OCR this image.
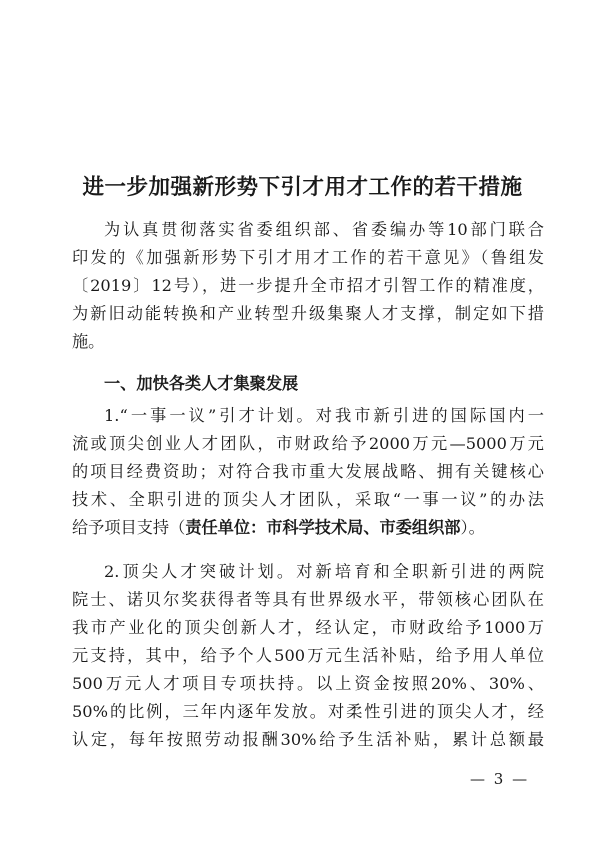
进一步加强新形势下引才用才工作的若干措施
为认真贯彻落实省委组织部、省委编办等10部门联合
印发的《加强新形势下引才用才工作的若干意见》（鲁组发
〔2019〕12号），进一步提升全市招才引智工作的精准度，
为新旧动能转换和产业转型升级集聚人才支撑，制定如下措
施。
一、加快各类人才集聚发展
1.“一事一议”引才计划。对我市新引进的国际国内一
流或顶尖创业人才团队，市财政给予2000万元—5000万元
的项目经费资助；对符合我市重大发展战略、拥有关键核心
技术、全职引进的顶尖人才团队，采取“一事一议”的办法
给予项目支持（责任单位：市科学技术局、市委组织部）。
2.顶尖人才突破计划。对新培育和全职新引进的两院
院士、诺贝尔奖获得者等具有世界级水平，带领核心团队在
我市产业化的顶尖创新人才，经认定，市财政给予1000万
元支持，其中，给予个人500万元生活补贴，给予用人单位
500万元人才项目专项扶持。以上资金按照20%、30%、
50%的比例，三年内逐年发放。对柔性引进的顶尖人才，经
认定，每年按照劳动报酬30%给予生活补贴，累计总额最
— 3 —
